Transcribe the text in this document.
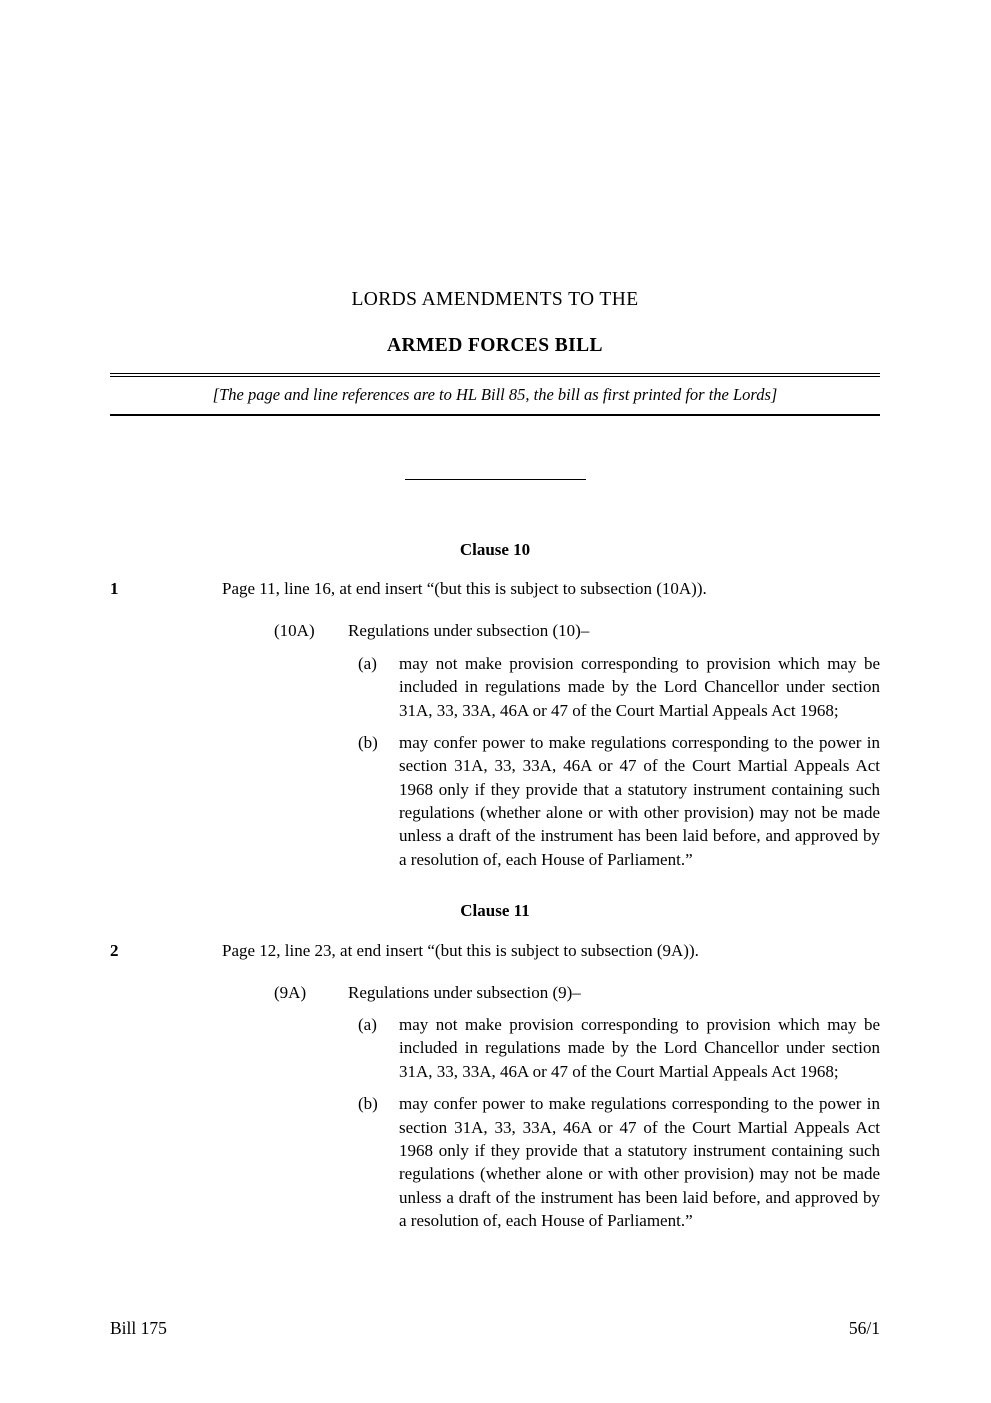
LORDS AMENDMENTS TO THE
ARMED FORCES BILL
[The page and line references are to HL Bill 85, the bill as first printed for the Lords]
Clause 10
1	Page 11, line 16, at end insert “(but this is subject to subsection (10A)).
(10A)	Regulations under subsection (10)–
(a)	may not make provision corresponding to provision which may be included in regulations made by the Lord Chancellor under section 31A, 33, 33A, 46A or 47 of the Court Martial Appeals Act 1968;
(b)	may confer power to make regulations corresponding to the power in section 31A, 33, 33A, 46A or 47 of the Court Martial Appeals Act 1968 only if they provide that a statutory instrument containing such regulations (whether alone or with other provision) may not be made unless a draft of the instrument has been laid before, and approved by a resolution of, each House of Parliament.”
Clause 11
2	Page 12, line 23, at end insert “(but this is subject to subsection (9A)).
(9A)	Regulations under subsection (9)–
(a)	may not make provision corresponding to provision which may be included in regulations made by the Lord Chancellor under section 31A, 33, 33A, 46A or 47 of the Court Martial Appeals Act 1968;
(b)	may confer power to make regulations corresponding to the power in section 31A, 33, 33A, 46A or 47 of the Court Martial Appeals Act 1968 only if they provide that a statutory instrument containing such regulations (whether alone or with other provision) may not be made unless a draft of the instrument has been laid before, and approved by a resolution of, each House of Parliament.”
Bill 175	56/1
